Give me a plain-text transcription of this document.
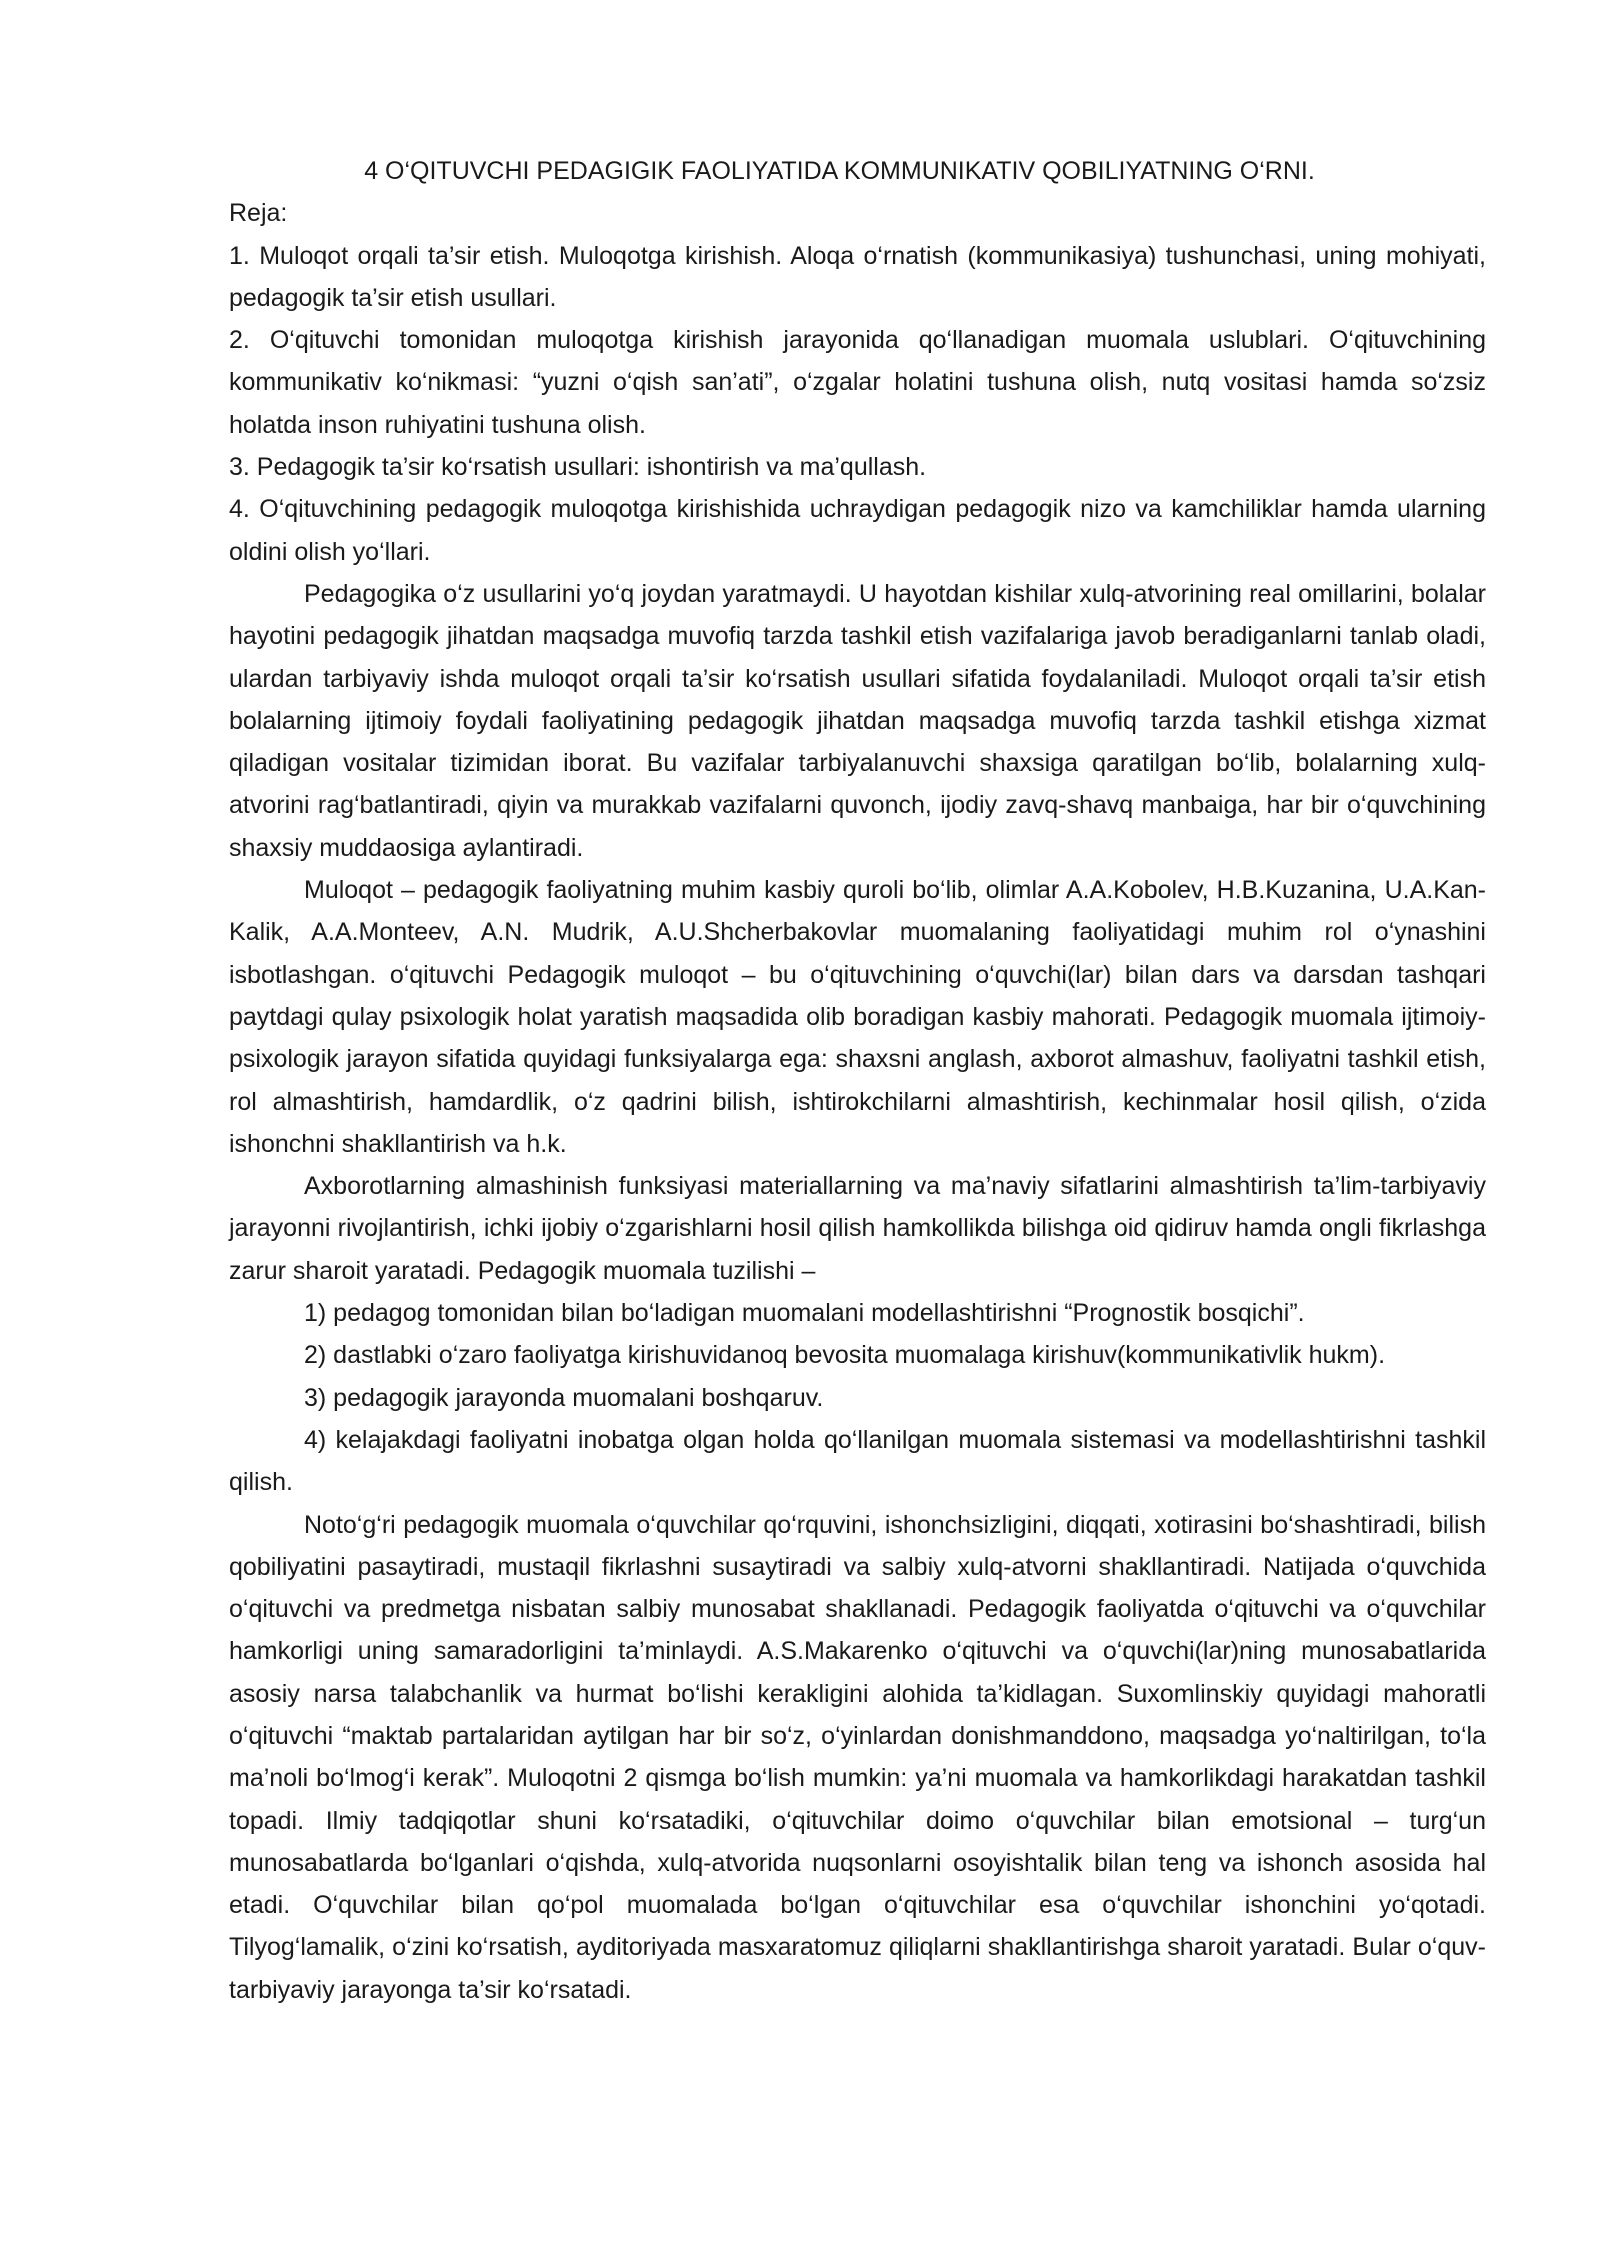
4 O‘QITUVCHI PEDAGIGIK FAOLIYATIDA KOMMUNIKATIV QOBILIYATNING O‘RNI.

Reja:

1. Muloqot orqali ta’sir etish. Muloqotga kirishish. Aloqa o‘rnatish (kommunikasiya) tushunchasi, uning mohiyati, pedagogik ta’sir etish usullari.

2. O‘qituvchi tomonidan muloqotga kirishish jarayonida qo‘llanadigan muomala uslublari. O‘qituvchining kommunikativ ko‘nikmasi: “yuzni o‘qish san’ati”, o‘zgalar holatini tushuna olish, nutq vositasi hamda so‘zsiz holatda inson ruhiyatini tushuna olish.

3. Pedagogik ta’sir ko‘rsatish usullari: ishontirish va ma’qullash.

4. O‘qituvchining pedagogik muloqotga kirishishida uchraydigan pedagogik nizo va kamchiliklar hamda ularning oldini olish yo‘llari.

Pedagogika o‘z usullarini yo‘q joydan yaratmaydi. U hayotdan kishilar xulq-atvorining real omillarini, bolalar hayotini pedagogik jihatdan maqsadga muvofiq tarzda tashkil etish vazifalariga javob beradiganlarni tanlab oladi, ulardan tarbiyaviy ishda muloqot orqali ta’sir ko‘rsatish usullari sifatida foydalaniladi. Muloqot orqali ta’sir etish bolalarning ijtimoiy foydali faoliyatining pedagogik jihatdan maqsadga muvofiq tarzda tashkil etishga xizmat qiladigan vositalar tizimidan iborat. Bu vazifalar tarbiyalanuvchi shaxsiga qaratilgan bo‘lib, bolalarning xulq-atvorini rag‘batlantiradi, qiyin va murakkab vazifalarni quvonch, ijodiy zavq-shavq manbaiga, har bir o‘quvchining shaxsiy muddaosiga aylantiradi.

Muloqot – pedagogik faoliyatning muhim kasbiy quroli bo‘lib, olimlar A.A.Kobolev, H.B.Kuzanina, U.A.Kan-Kalik, A.A.Monteev, A.N. Mudrik, A.U.Shcherbakovlar muomalaning faoliyatidagi muhim rol o‘ynashini isbotlashgan. o‘qituvchi Pedagogik muloqot – bu o‘qituvchining o‘quvchi(lar) bilan dars va darsdan tashqari paytdagi qulay psixologik holat yaratish maqsadida olib boradigan kasbiy mahorati. Pedagogik muomala ijtimoiy-psixologik jarayon sifatida quyidagi funksiyalarga ega: shaxsni anglash, axborot almashuv, faoliyatni tashkil etish, rol almashtirish, hamdardlik, o‘z qadrini bilish, ishtirokchilarni almashtirish, kechinmalar hosil qilish, o‘zida ishonchni shakllantirish va h.k.

Axborotlarning almashinish funksiyasi materiallarning va ma’naviy sifatlarini almashtirish ta’lim-tarbiyaviy jarayonni rivojlantirish, ichki ijobiy o‘zgarishlarni hosil qilish hamkollikda bilishga oid qidiruv hamda ongli fikrlashga zarur sharoit yaratadi. Pedagogik muomala tuzilishi –

1) pedagog tomonidan bilan bo‘ladigan muomalani modellashtirishni “Prognostik bosqichi”.

2) dastlabki o‘zaro faoliyatga kirishuvidanoq bevosita muomalaga kirishuv(kommunikativlik hukm).

3) pedagogik jarayonda muomalani boshqaruv.

4) kelajakdagi faoliyatni inobatga olgan holda qo‘llanilgan muomala sistemasi va modellashtirishni tashkil qilish.

Noto‘g‘ri pedagogik muomala o‘quvchilar qo‘rquvini, ishonchsizligini, diqqati, xotirasini bo‘shashtiradi, bilish qobiliyatini pasaytiradi, mustaqil fikrlashni susaytiradi va salbiy xulq-atvorni shakllantiradi. Natijada o‘quvchida o‘qituvchi va predmetga nisbatan salbiy munosabat shakllanadi. Pedagogik faoliyatda o‘qituvchi va o‘quvchilar hamkorligi uning samaradorligini ta’minlaydi. A.S.Makarenko o‘qituvchi va o‘quvchi(lar)ning munosabatlarida asosiy narsa talabchanlik va hurmat bo‘lishi kerakligini alohida ta’kidlagan. Suxomlinskiy quyidagi mahoratli o‘qituvchi “maktab partalaridan aytilgan har bir so‘z, o‘yinlardan donishmanddono, maqsadga yo‘naltirilgan, to‘la ma’noli bo‘lmog‘i kerak”. Muloqotni 2 qismga bo‘lish mumkin: ya’ni muomala va hamkorlikdagi harakatdan tashkil topadi. Ilmiy tadqiqotlar shuni ko‘rsatadiki, o‘qituvchilar doimo o‘quvchilar bilan emotsional – turg‘un munosabatlarda bo‘lganlari o‘qishda, xulq-atvorida nuqsonlarni osoyishtalik bilan teng va ishonch asosida hal etadi. O‘quvchilar bilan qo‘pol muomalada bo‘lgan o‘qituvchilar esa o‘quvchilar ishonchini yo‘qotadi. Tilyog‘lamalik, o‘zini ko‘rsatish, ayditoriyada masxaratomuz qiliqlarni shakllantirishga sharoit yaratadi. Bular o‘quv-tarbiyaviy jarayonga ta’sir ko‘rsatadi.
